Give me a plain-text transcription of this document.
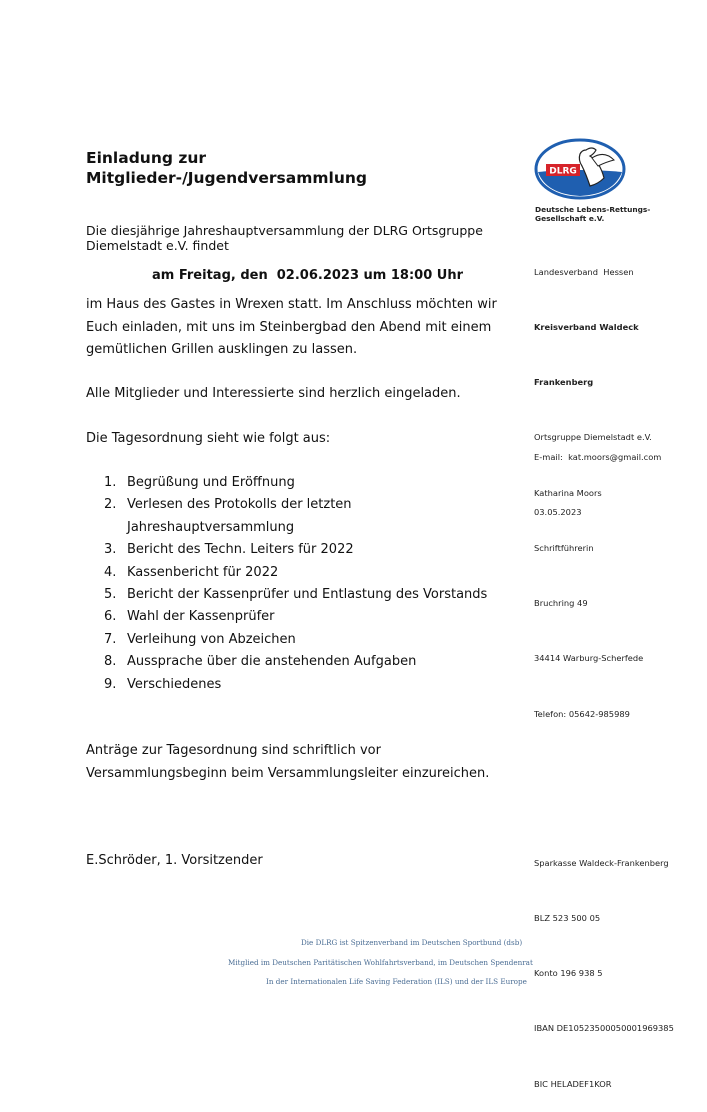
Einladung zur
Mitglieder-/Jugendversammlung
Die diesjährige Jahreshauptversammlung der DLRG Ortsgruppe Diemelstadt e.V. findet
am Freitag, den  02.06.2023 um 18:00 Uhr
im Haus des Gastes in Wrexen statt. Im Anschluss möchten wir Euch einladen, mit uns im Steinbergbad den Abend mit einem gemütlichen Grillen ausklingen zu lassen.
Alle Mitglieder und Interessierte sind herzlich eingeladen.
Die Tagesordnung sieht wie folgt aus:
1. Begrüßung und Eröffnung
2. Verlesen des Protokolls der letzten Jahreshauptversammlung
3. Bericht des Techn. Leiters für 2022
4. Kassenbericht für 2022
5. Bericht der Kassenprüfer und Entlastung des Vorstands
6. Wahl der Kassenprüfer
7. Verleihung von Abzeichen
8. Aussprache über die anstehenden Aufgaben
9. Verschiedenes
Anträge zur Tagesordnung sind schriftlich vor Versammlungsbeginn beim Versammlungsleiter einzureichen.
E.Schröder, 1. Vorsitzender
DLRG
Deutsche Lebens-Rettungs-
Gesellschaft e.V.

Landesverband  Hessen

Kreisverband Waldeck

Frankenberg

Ortsgruppe Diemelstadt e.V.

Katharina Moors

Schriftführerin

Bruchring 49

34414 Warburg-Scherfede

Telefon: 05642-985989

E-mail:  kat.moors@gmail.com

03.05.2023

Sparkasse Waldeck-Frankenberg

BLZ 523 500 05

Konto 196 938 5

IBAN DE10523500050001969385

BIC HELADEF1KOR

Die DLRG ist Spitzenverband im Deutschen Sportbund (dsb)
Mitglied im Deutschen Paritätischen Wohlfahrtsverband, im Deutschen Spendenrat
In der Internationalen Life Saving Federation (ILS) und der ILS Europe
